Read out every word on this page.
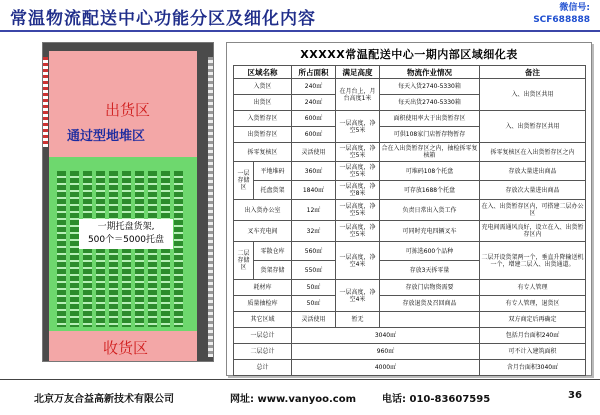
常温物流配送中心功能分区及细化内容
微信号:
SCF688888
出货区
通过型地堆区
一期托盘货架,
500个＝5000托盘
收货区
XXXXX常温配送中心一期内部区域细化表
区域名称		所占面积	满足高度	物流作业情况	备注
入货区		240㎡	在月台上，月台高度1米	每天入货2740-5330箱	入、出货区共用
出货区		240㎡		每天出货2740-5330箱	
入货暂存区		600㎡	一层高度，净空5米	面积使用率大于出货暂存区	入、出货暂存区共用
出货暂存区		600㎡		可供108家门店暂存物暂存	
拆零复核区		灵活使用	一层高度，净空5米	合在入出货暂存区之内，抽检拆零复核箱	拆零复核区在入出货暂存区之内
一层存储区	平地堆码	360㎡	一层高度，净空5米	可堆码108个托盘	存放大量进出商品
	托盘货架	1840㎡	一层高度，净空8米	可存放1688个托盘	存放次大量进出商品
出入货办公室		12㎡	一层高度，净空5米	负责日常出入货工作	在入、出货暂存区内，可搭建二层办公区
叉车充电间		32㎡	一层高度，净空5米	可同时充电四辆叉车	充电间需通风良好，设立在入、出货暂存区内
二层存储区	零散仓库	560㎡	一层高度，净空4米	可拣选600个品种	二层开设货架两一个，垂直升降输送机一个，增建二层入、出货通道。
	货架存储	550㎡		存放3天拆零量	
耗材库		50㎡	一层高度，净空4米	存放门店物资需要	有专人管理
质量抽检库		50㎡		存放退货及召回商品	有专人管理，退货区
其它区域		灵活使用	暂无		双方商定后再确定
一层总计		3040㎡			包括月台面积240㎡
二层总计		960㎡			可不计入建筑面积
总计		4000㎡			含月台面积3040㎡
北京万友合益高新技术有限公司	网址: www.vanyoo.com	电话: 010-83607595	36
